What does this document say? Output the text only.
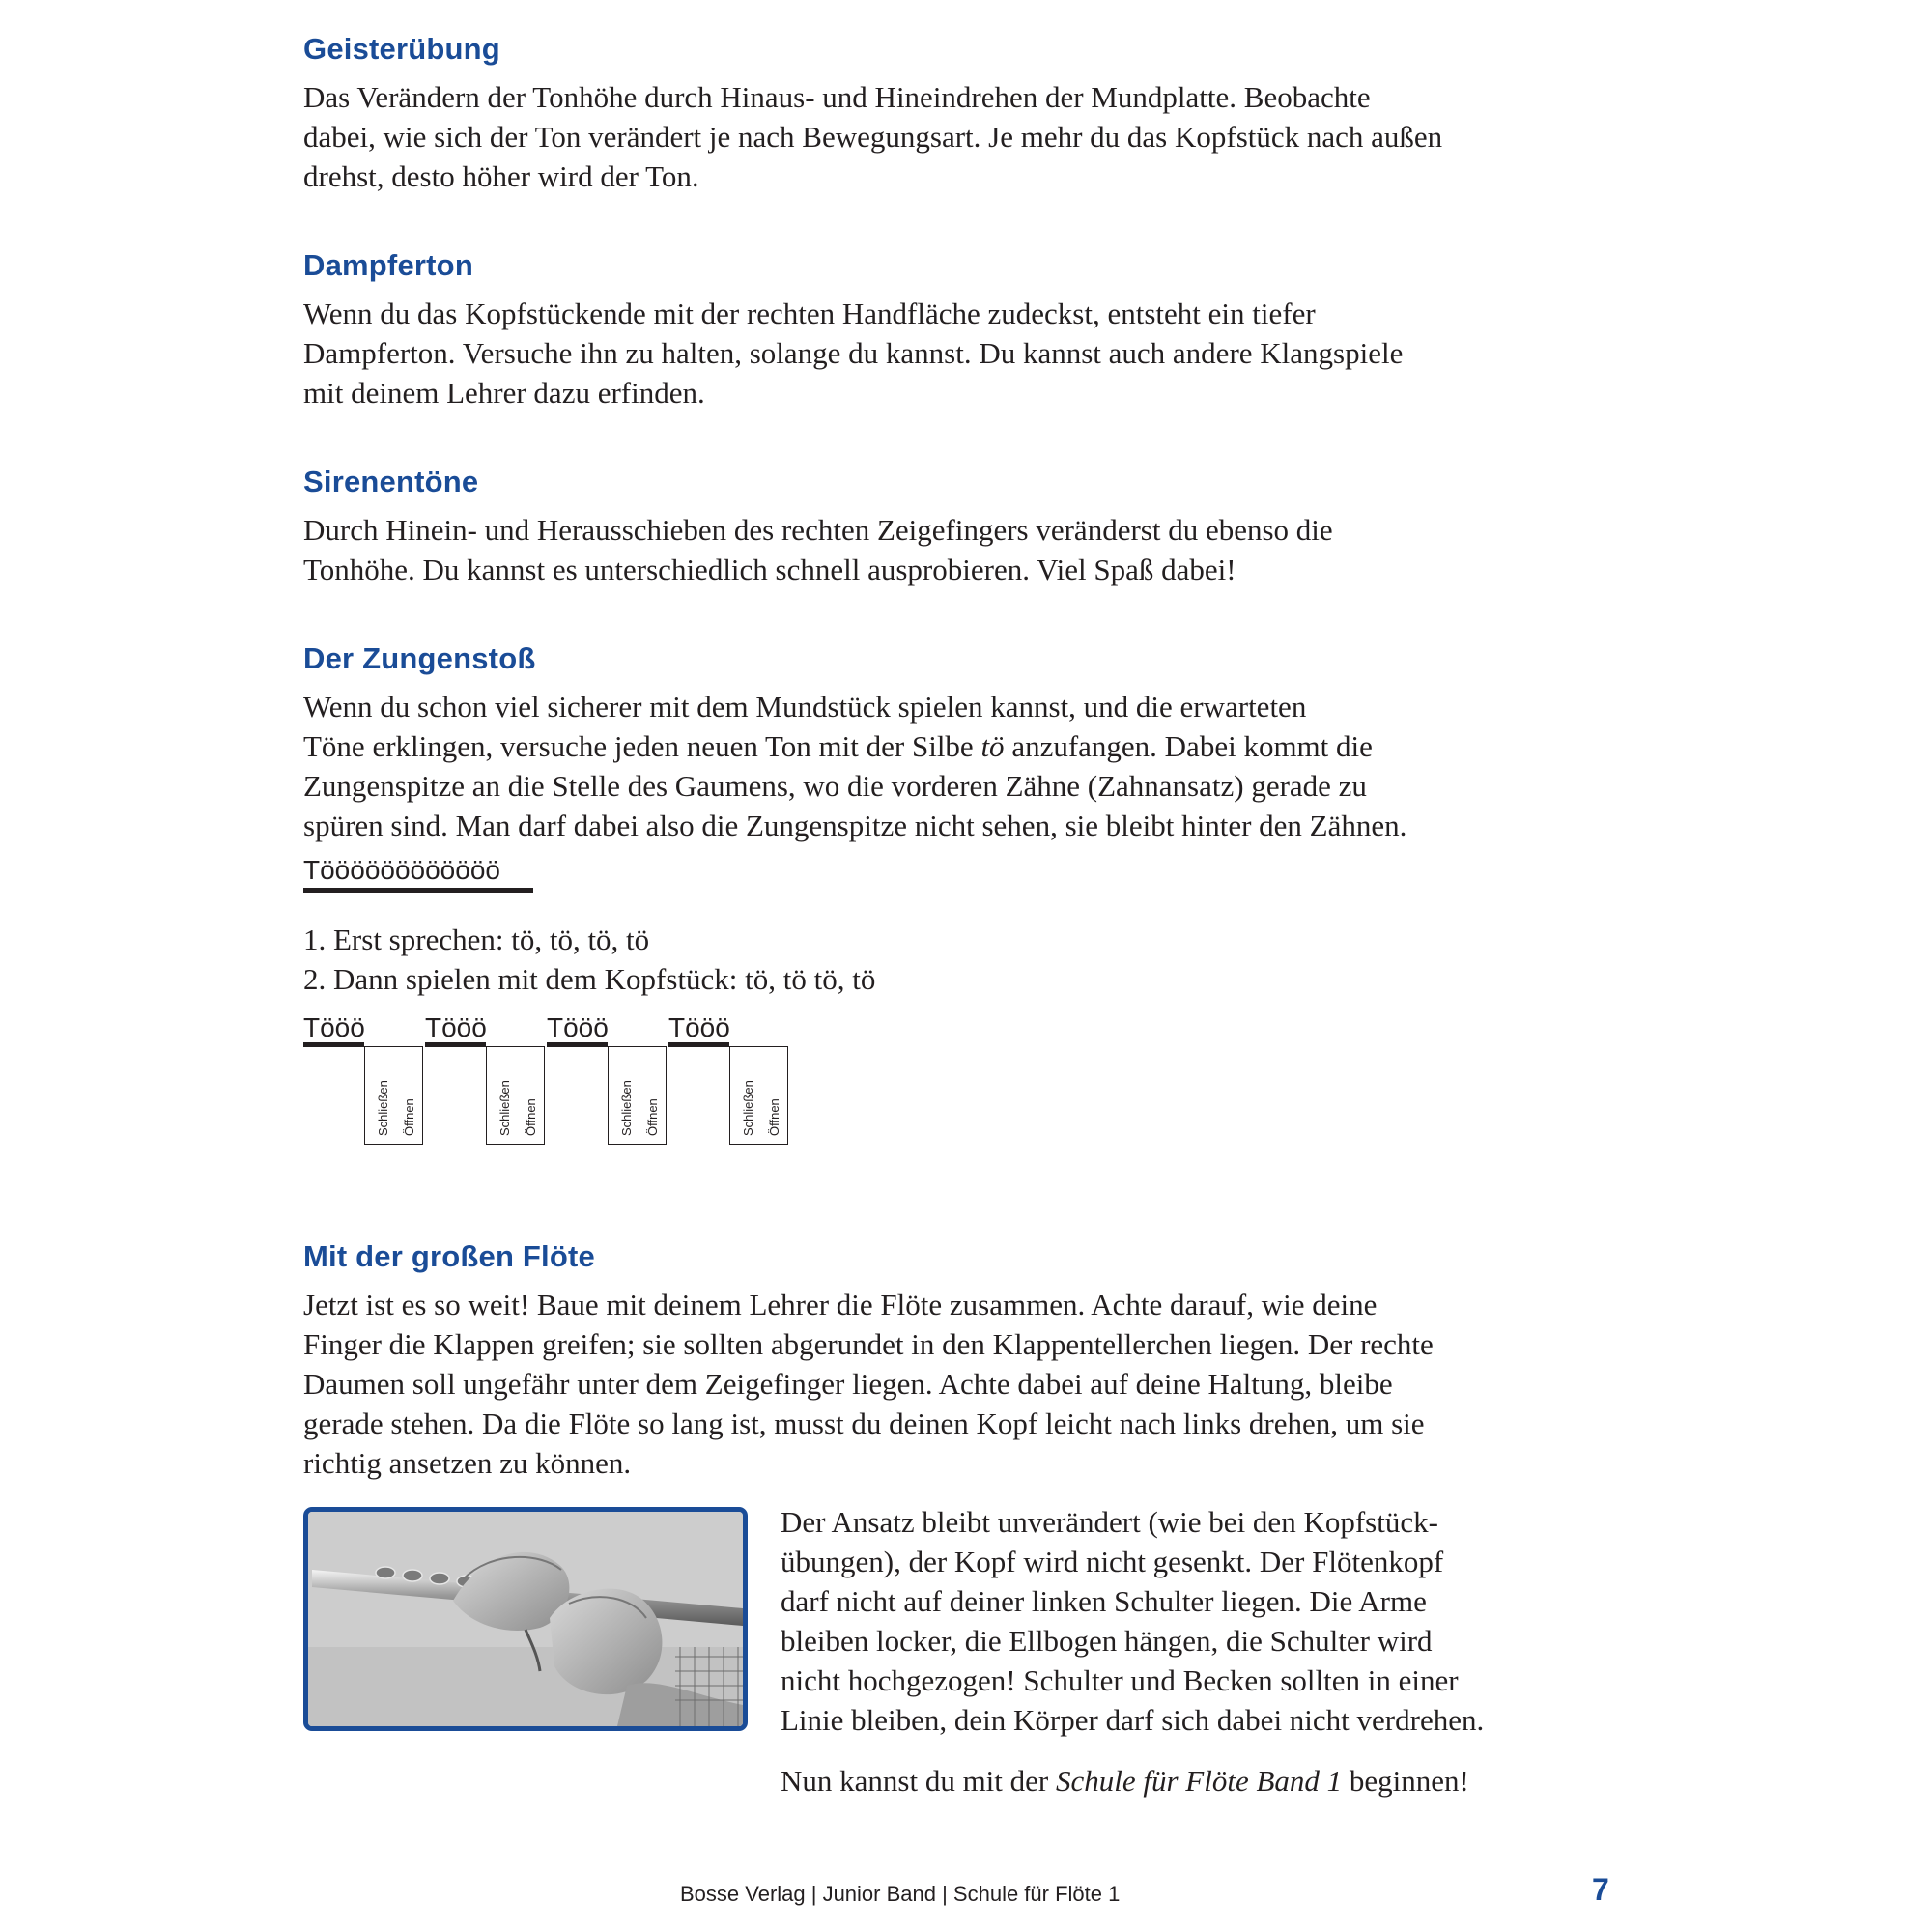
Geisterübung
Das Verändern der Tonhöhe durch Hinaus- und Hineindrehen der Mundplatte. Beobachte
dabei, wie sich der Ton verändert je nach Bewegungsart. Je mehr du das Kopfstück nach außen
drehst, desto höher wird der Ton.
Dampferton
Wenn du das Kopfstückende mit der rechten Handfläche zudeckst, entsteht ein tiefer
Dampferton. Versuche ihn zu halten, solange du kannst. Du kannst auch andere Klangspiele
mit deinem Lehrer dazu erfinden.
Sirenentöne
Durch Hinein- und Herausschieben des rechten Zeigefingers veränderst du ebenso die
Tonhöhe. Du kannst es unterschiedlich schnell ausprobieren. Viel Spaß dabei!
Der Zungenstoß
Wenn du schon viel sicherer mit dem Mundstück spielen kannst, und die erwarteten
Töne erklingen, versuche jeden neuen Ton mit der Silbe tö anzufangen. Dabei kommt die
Zungenspitze an die Stelle des Gaumens, wo die vorderen Zähne (Zahnansatz) gerade zu
spüren sind. Man darf dabei also die Zungenspitze nicht sehen, sie bleibt hinter den Zähnen.
Töööööööööööö
1. Erst sprechen: tö, tö, tö, tö
2. Dann spielen mit dem Kopfstück: tö, tö tö, tö
Tööö
Schließen Öffnen
Tööö
Schließen Öffnen
Tööö
Schließen Öffnen
Tööö
Schließen Öffnen
Mit der großen Flöte
Jetzt ist es so weit! Baue mit deinem Lehrer die Flöte zusammen. Achte darauf, wie deine
Finger die Klappen greifen; sie sollten abgerundet in den Klappentellerchen liegen. Der rechte
Daumen soll ungefähr unter dem Zeigefinger liegen. Achte dabei auf deine Haltung, bleibe
gerade stehen. Da die Flöte so lang ist, musst du deinen Kopf leicht nach links drehen, um sie
richtig ansetzen zu können.
Der Ansatz bleibt unverändert (wie bei den Kopfstück-
übungen), der Kopf wird nicht gesenkt. Der Flötenkopf
darf nicht auf deiner linken Schulter liegen. Die Arme
bleiben locker, die Ellbogen hängen, die Schulter wird
nicht hochgezogen! Schulter und Becken sollten in einer
Linie bleiben, dein Körper darf sich dabei nicht verdrehen.

Nun kannst du mit der Schule für Flöte Band 1 beginnen!

Bosse Verlag | Junior Band | Schule für Flöte 1	7
